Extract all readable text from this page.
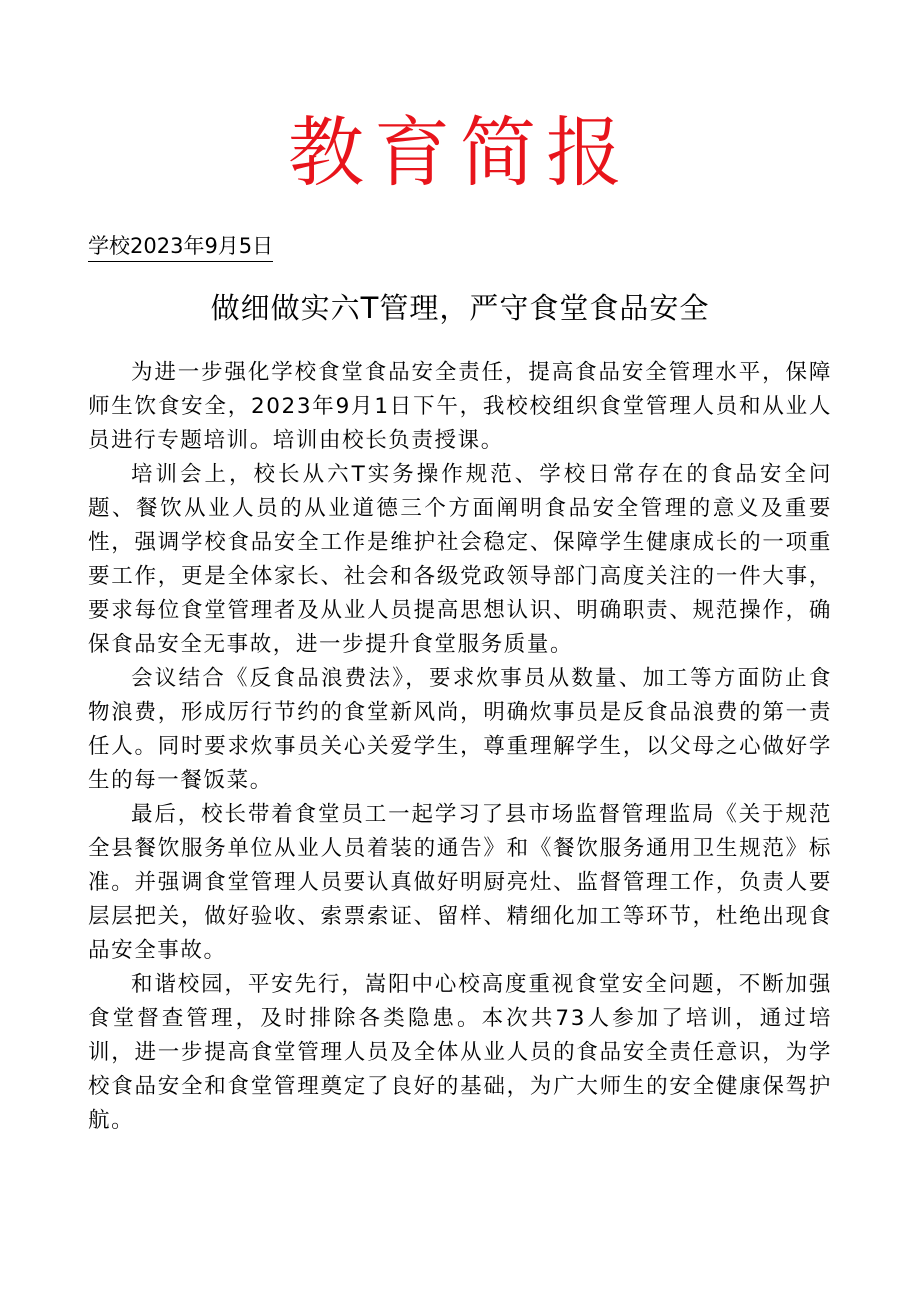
教育简报
学校2023年9月5日
做细做实六T管理，严守食堂食品安全

为进一步强化学校食堂食品安全责任，提高食品安全管理水平，保障师生饮食安全，2023年9月1日下午，我校校组织食堂管理人员和从业人员进行专题培训。培训由校长负责授课。

培训会上，校长从六T实务操作规范、学校日常存在的食品安全问题、餐饮从业人员的从业道德三个方面阐明食品安全管理的意义及重要性，强调学校食品安全工作是维护社会稳定、保障学生健康成长的一项重要工作，更是全体家长、社会和各级党政领导部门高度关注的一件大事，要求每位食堂管理者及从业人员提高思想认识、明确职责、规范操作，确保食品安全无事故，进一步提升食堂服务质量。

会议结合《反食品浪费法》，要求炊事员从数量、加工等方面防止食物浪费，形成厉行节约的食堂新风尚，明确炊事员是反食品浪费的第一责任人。同时要求炊事员关心关爱学生，尊重理解学生，以父母之心做好学生的每一餐饭菜。

最后，校长带着食堂员工一起学习了县市场监督管理监局《关于规范全县餐饮服务单位从业人员着装的通告》和《餐饮服务通用卫生规范》标准。并强调食堂管理人员要认真做好明厨亮灶、监督管理工作，负责人要层层把关，做好验收、索票索证、留样、精细化加工等环节，杜绝出现食品安全事故。

和谐校园，平安先行，嵩阳中心校高度重视食堂安全问题，不断加强食堂督查管理，及时排除各类隐患。本次共73人参加了培训，通过培训，进一步提高食堂管理人员及全体从业人员的食品安全责任意识，为学校食品安全和食堂管理奠定了良好的基础，为广大师生的安全健康保驾护航。
